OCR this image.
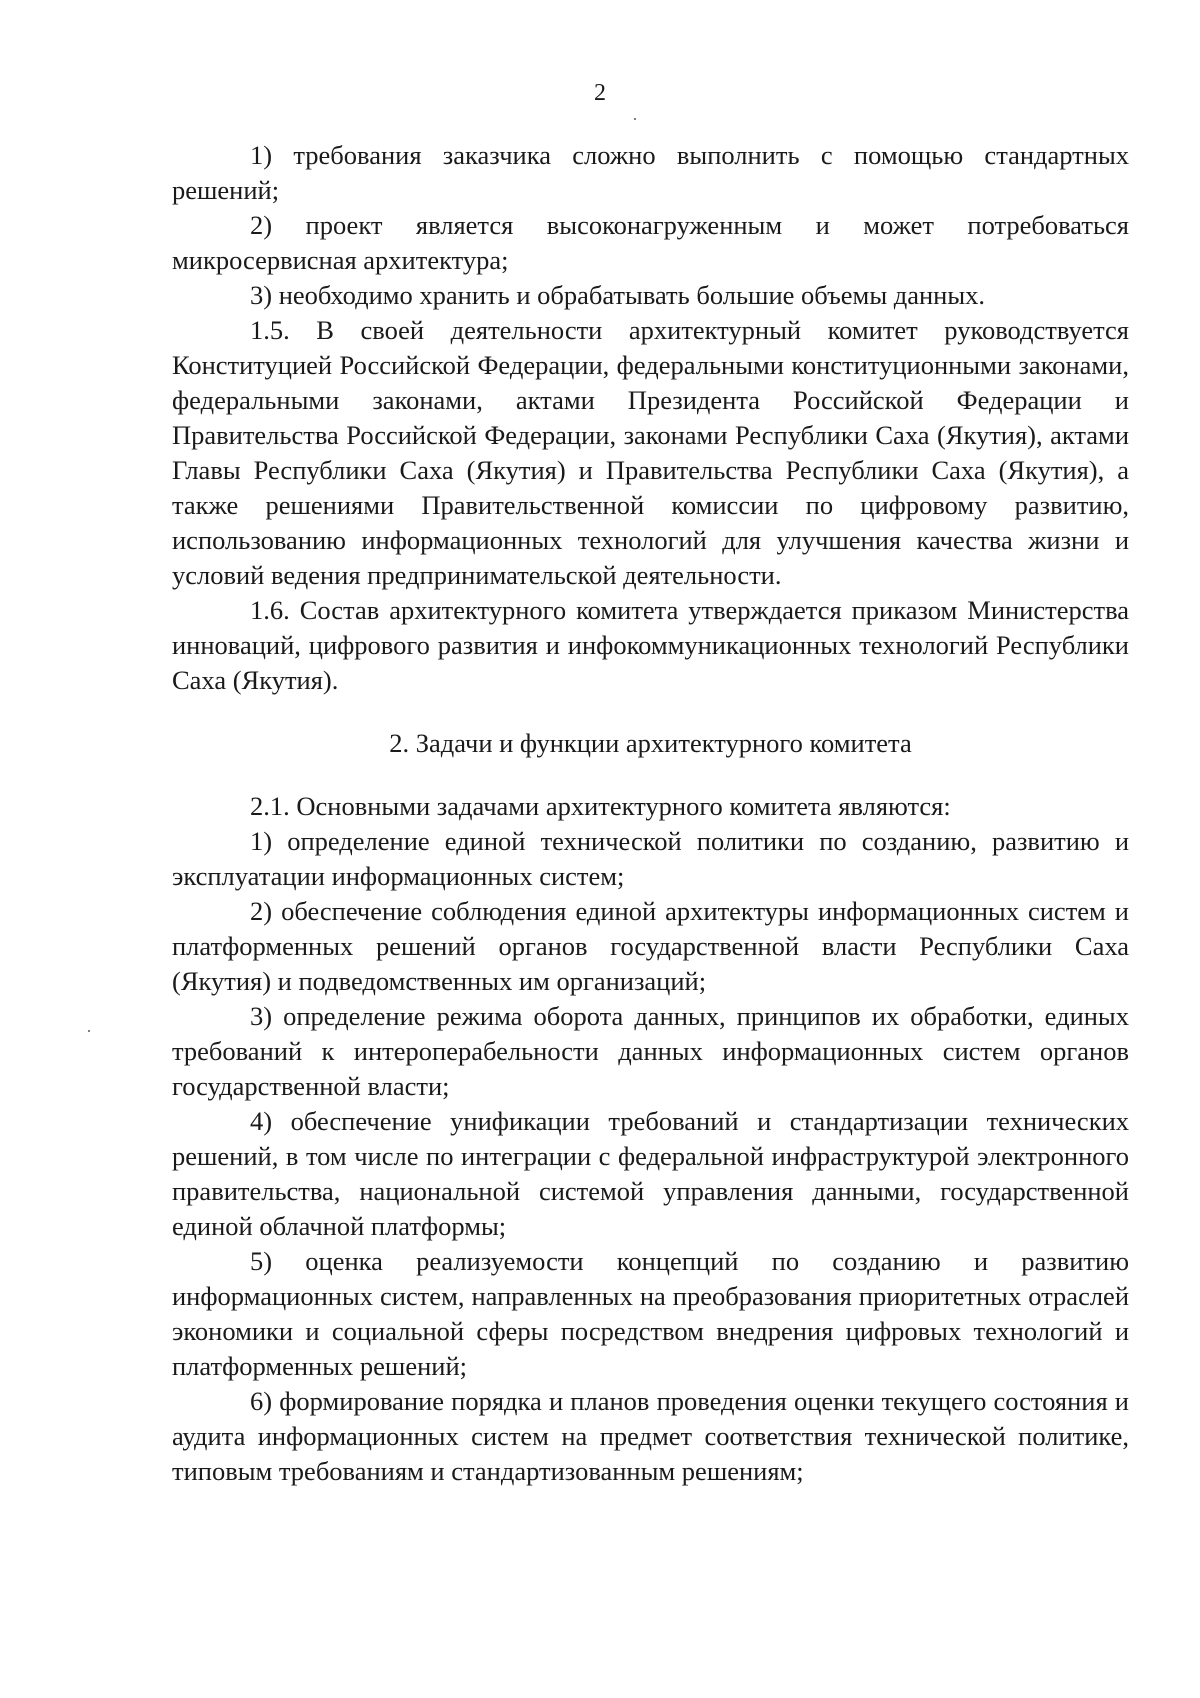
2

1) требования заказчика сложно выполнить с помощью стандартных решений;

2) проект является высоконагруженным и может потребоваться микросервисная архитектура;

3) необходимо хранить и обрабатывать большие объемы данных.

1.5. В своей деятельности архитектурный комитет руководствуется Конституцией Российской Федерации, федеральными конституционными законами, федеральными законами, актами Президента Российской Федерации и Правительства Российской Федерации, законами Республики Саха (Якутия), актами Главы Республики Саха (Якутия) и Правительства Республики Саха (Якутия), а также решениями Правительственной комиссии по цифровому развитию, использованию информационных технологий для улучшения качества жизни и условий ведения предпринимательской деятельности.

1.6. Состав архитектурного комитета утверждается приказом Министерства инноваций, цифрового развития и инфокоммуникационных технологий Республики Саха (Якутия).

2. Задачи и функции архитектурного комитета

2.1. Основными задачами архитектурного комитета являются:

1) определение единой технической политики по созданию, развитию и эксплуатации информационных систем;

2) обеспечение соблюдения единой архитектуры информационных систем и платформенных решений органов государственной власти Республики Саха (Якутия) и подведомственных им организаций;

3) определение режима оборота данных, принципов их обработки, единых требований к интероперабельности данных информационных систем органов государственной власти;

4) обеспечение унификации требований и стандартизации технических решений, в том числе по интеграции с федеральной инфраструктурой электронного правительства, национальной системой управления данными, государственной единой облачной платформы;

5) оценка реализуемости концепций по созданию и развитию информационных систем, направленных на преобразования приоритетных отраслей экономики и социальной сферы посредством внедрения цифровых технологий и платформенных решений;

6) формирование порядка и планов проведения оценки текущего состояния и аудита информационных систем на предмет соответствия технической политике, типовым требованиям и стандартизованным решениям;
